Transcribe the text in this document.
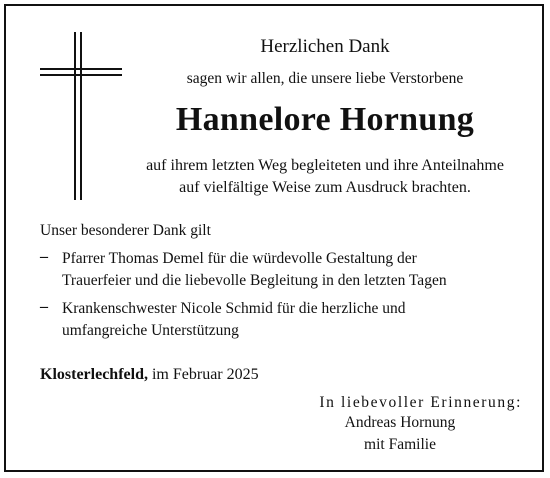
Herzlichen Dank
sagen wir allen, die unsere liebe Verstorbene
Hannelore Hornung
auf ihrem letzten Weg begleiteten und ihre Anteilnahme
auf vielfältige Weise zum Ausdruck brachten.
Unser besonderer Dank gilt
– Pfarrer Thomas Demel für die würdevolle Gestaltung der
Trauerfeier und die liebevolle Begleitung in den letzten Tagen
– Krankenschwester Nicole Schmid für die herzliche und
umfangreiche Unterstützung
Klosterlechfeld, im Februar 2025
In liebevoller Erinnerung:
Andreas Hornung
mit Familie
